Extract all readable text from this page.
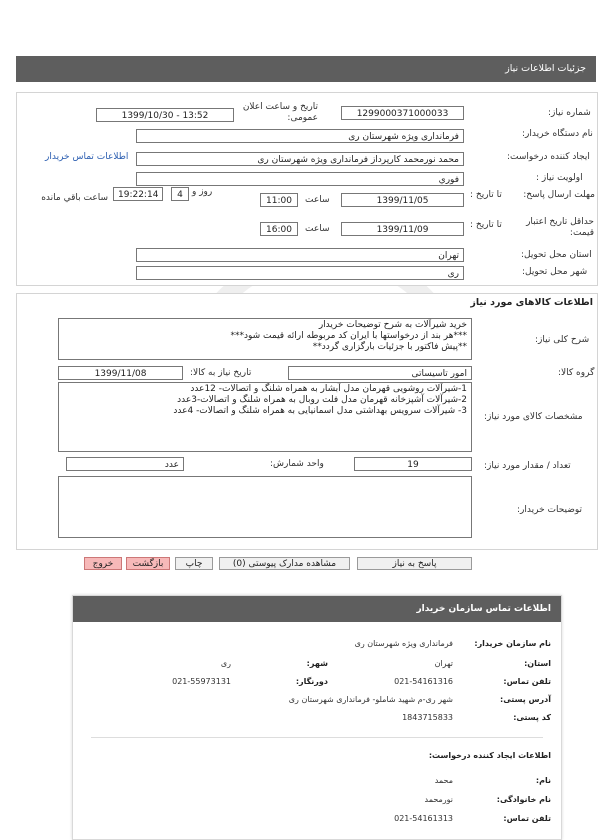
جزئیات اطلاعات نیاز
شماره نیاز:
1299000371000033
تاریخ و ساعت اعلان عمومی:
1399/10/30 - 13:52
نام دستگاه خریدار:
فرمانداری ویژه شهرستان ری
ایجاد کننده درخواست:
محمد نورمحمد کارپرداز فرمانداری ویژه شهرستان ری
اطلاعات تماس خریدار
اولویت نیاز :
فوري
مهلت ارسال پاسخ:
تا تاریخ :
1399/11/05
ساعت
11:00
روز و
4
19:22:14
ساعت باقي مانده
حداقل تاریخ اعتبار قیمت:
تا تاریخ :
1399/11/09
ساعت
16:00
استان محل تحویل:
تهران
شهر محل تحویل:
ری
اطلاعات کالاهای مورد نیاز
شرح کلی نیاز:
خرید شیرآلات به شرح توضیحات خریدار
***هر بند از درخواستها با ایران کد مربوطه ارائه قیمت شود***
**پیش فاکتور با جزئیات بارگزاری گردد**
گروه کالا:
امور تاسیساتی
تاریخ نیاز به کالا:
1399/11/08
مشخصات کالای مورد نیاز:
1-شیرآلات روشویی قهرمان مدل آبشار به همراه شلنگ و اتصالات- 12عدد
2-شیرآلات آشپزخانه قهرمان مدل فلت روبال به همراه شلنگ و اتصالات-3عدد
3- شیرآلات سرویس بهداشتی مدل اسمانیایی به همراه شلنگ و اتصالات- 4عدد
تعداد / مقدار مورد نیاز:
19
واحد شمارش:
عدد
توضیحات خریدار:
پاسخ به نیاز
مشاهده مدارک پیوستی (0)
چاپ
بازگشت
خروج
اطلاعات تماس سازمان خریدار
نام سازمان خریدار:
فرمانداری ویژه شهرستان ری
استان:
تهران
شهر:
ری
تلفن تماس:
021-54161316
دورنگار:
021-55973131
آدرس پستی:
شهر ری-م شهید شاملو- فرمانداری شهرستان ری
کد پستی:
1843715833
اطلاعات ایجاد کننده درخواست:
نام:
محمد
نام خانوادگی:
نورمحمد
تلفن تماس:
021-54161313
